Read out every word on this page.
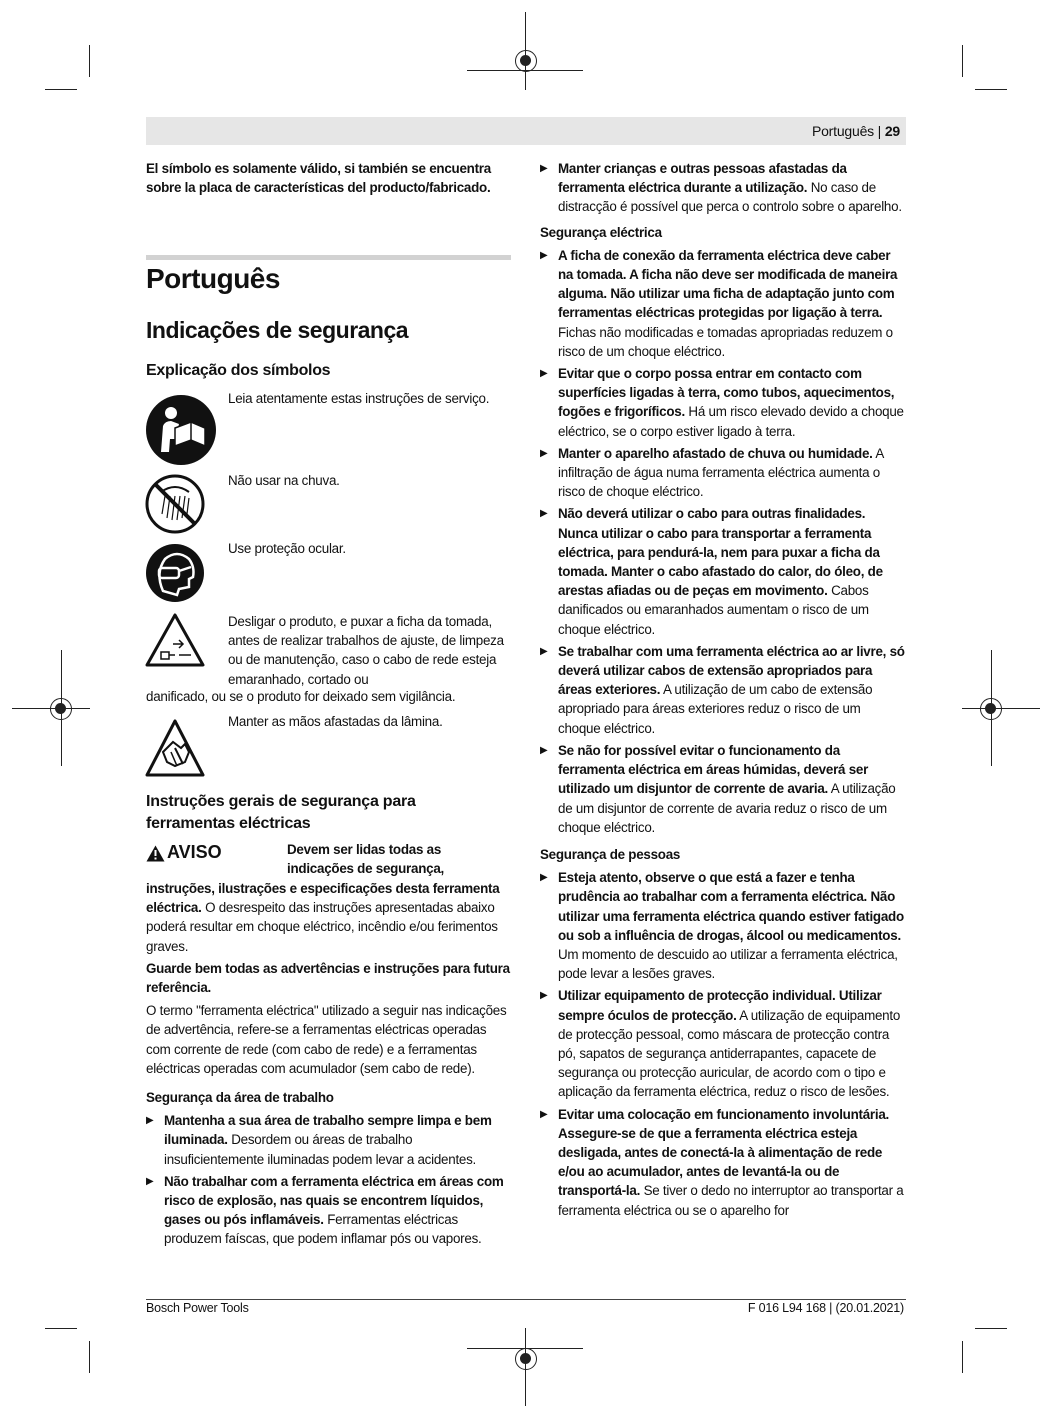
Português | 29

El símbolo es solamente válido, si también se encuentra sobre la placa de características del producto/fabricado.

Português
Indicações de segurança
Explicação dos símbolos
Leia atentamente estas instruções de serviço.
Não usar na chuva.
Use proteção ocular.
Desligar o produto, e puxar a ficha da tomada, antes de realizar trabalhos de ajuste, de limpeza ou de manutenção, caso o cabo de rede esteja emaranhado, cortado ou
danificado, ou se o produto for deixado sem vigilância.
Manter as mãos afastadas da lâmina.

Instruções gerais de segurança para ferramentas eléctricas

AVISO	Devem ser lidas todas as indicações de segurança,

instruções, ilustrações e especificações desta ferramenta eléctrica. O desrespeito das instruções apresentadas abaixo poderá resultar em choque eléctrico, incêndio e/ou ferimentos graves.

Guarde bem todas as advertências e instruções para futura referência.

O termo "ferramenta eléctrica" utilizado a seguir nas indicações de advertência, refere-se a ferramentas eléctricas operadas com corrente de rede (com cabo de rede) e a ferramentas eléctricas operadas com acumulador (sem cabo de rede).

Segurança da área de trabalho

▶ Mantenha a sua área de trabalho sempre limpa e bem iluminada. Desordem ou áreas de trabalho insuficientemente iluminadas podem levar a acidentes.

▶ Não trabalhar com a ferramenta eléctrica em áreas com risco de explosão, nas quais se encontrem líquidos, gases ou pós inflamáveis. Ferramentas eléctricas produzem faíscas, que podem inflamar pós ou vapores.

▶ Manter crianças e outras pessoas afastadas da ferramenta eléctrica durante a utilização. No caso de distracção é possível que perca o controlo sobre o aparelho.

Segurança eléctrica

▶ A ficha de conexão da ferramenta eléctrica deve caber na tomada. A ficha não deve ser modificada de maneira alguma. Não utilizar uma ficha de adaptação junto com ferramentas eléctricas protegidas por ligação à terra. Fichas não modificadas e tomadas apropriadas reduzem o risco de um choque eléctrico.

▶ Evitar que o corpo possa entrar em contacto com superfícies ligadas à terra, como tubos, aquecimentos, fogões e frigoríficos. Há um risco elevado devido a choque eléctrico, se o corpo estiver ligado à terra.

▶ Manter o aparelho afastado de chuva ou humidade. A infiltração de água numa ferramenta eléctrica aumenta o risco de choque eléctrico.

▶ Não deverá utilizar o cabo para outras finalidades. Nunca utilizar o cabo para transportar a ferramenta eléctrica, para pendurá-la, nem para puxar a ficha da tomada. Manter o cabo afastado do calor, do óleo, de arestas afiadas ou de peças em movimento. Cabos danificados ou emaranhados aumentam o risco de um choque eléctrico.

▶ Se trabalhar com uma ferramenta eléctrica ao ar livre, só deverá utilizar cabos de extensão apropriados para áreas exteriores. A utilização de um cabo de extensão apropriado para áreas exteriores reduz o risco de um choque eléctrico.

▶ Se não for possível evitar o funcionamento da ferramenta eléctrica em áreas húmidas, deverá ser utilizado um disjuntor de corrente de avaria. A utilização de um disjuntor de corrente de avaria reduz o risco de um choque eléctrico.

Segurança de pessoas

▶ Esteja atento, observe o que está a fazer e tenha prudência ao trabalhar com a ferramenta eléctrica. Não utilizar uma ferramenta eléctrica quando estiver fatigado ou sob a influência de drogas, álcool ou medicamentos. Um momento de descuido ao utilizar a ferramenta eléctrica, pode levar a lesões graves.

▶ Utilizar equipamento de protecção individual. Utilizar sempre óculos de protecção. A utilização de equipamento de protecção pessoal, como máscara de protecção contra pó, sapatos de segurança antiderrapantes, capacete de segurança ou protecção auricular, de acordo com o tipo e aplicação da ferramenta eléctrica, reduz o risco de lesões.

▶ Evitar uma colocação em funcionamento involuntária. Assegure-se de que a ferramenta eléctrica esteja desligada, antes de conectá-la à alimentação de rede e/ou ao acumulador, antes de levantá-la ou de transportá-la. Se tiver o dedo no interruptor ao transportar a ferramenta eléctrica ou se o aparelho for

Bosch Power Tools	F 016 L94 168 | (20.01.2021)
